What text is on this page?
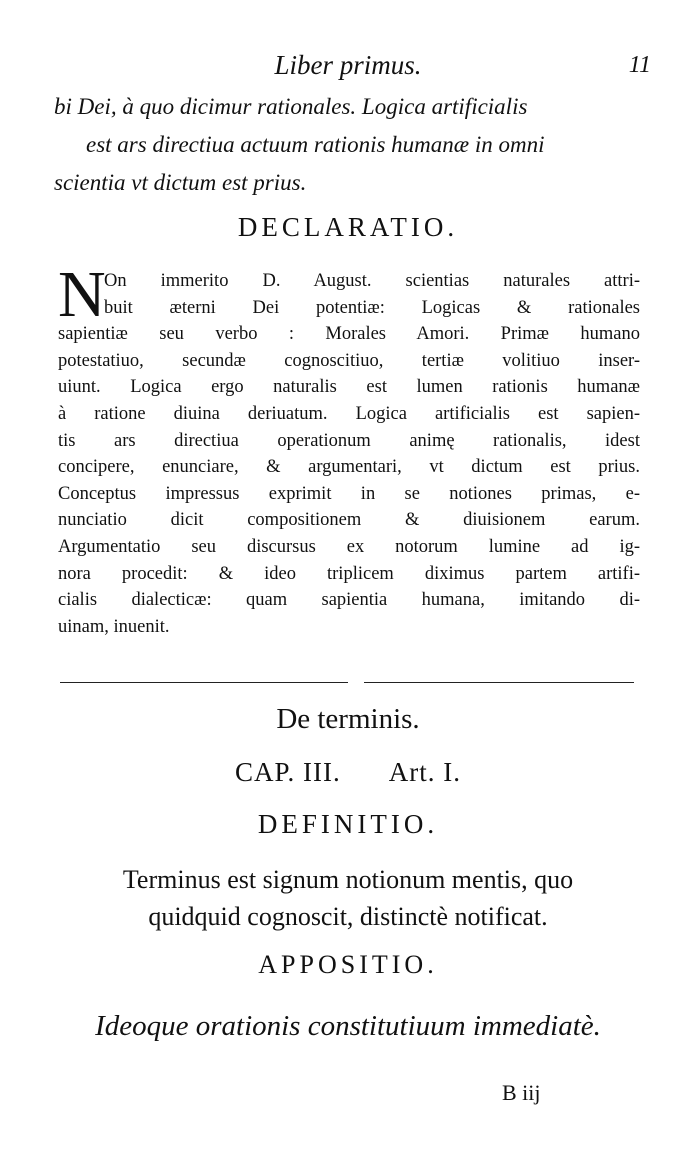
Liber primus.	11
bi Dei, à quo dicimur rationales. Logica artificialis
est ars directiua actuum rationis humanæ in omni
scientia vt dictum est prius.
DECLARATIO.
N
On immerito D. August. scientias naturales attri-
buit æterni Dei potentiæ: Logicas & rationales
sapientiæ seu verbo : Morales Amori. Primæ humano
potestatiuo, secundæ cognoscitiuo, tertiæ volitiuo inser-
uiunt. Logica ergo naturalis est lumen rationis humanæ
à ratione diuina deriuatum. Logica artificialis est sapien-
tis ars directiua operationum animę rationalis, idest
concipere, enunciare, & argumentari, vt dictum est prius.
Conceptus impressus exprimit in se notiones primas, e-
nunciatio dicit compositionem & diuisionem earum.
Argumentatio seu discursus ex notorum lumine ad ig-
nora procedit: & ideo triplicem diximus partem artifi-
cialis dialecticæ: quam sapientia humana, imitando di-
uinam, inuenit.
De terminis.
CAP. III. Art. I.
DEFINITIO.
Terminus est signum notionum mentis, quo
quidquid cognoscit, distinctè notificat.
APPOSITIO.
Ideoque orationis constitutiuum immediatè.
B iij
